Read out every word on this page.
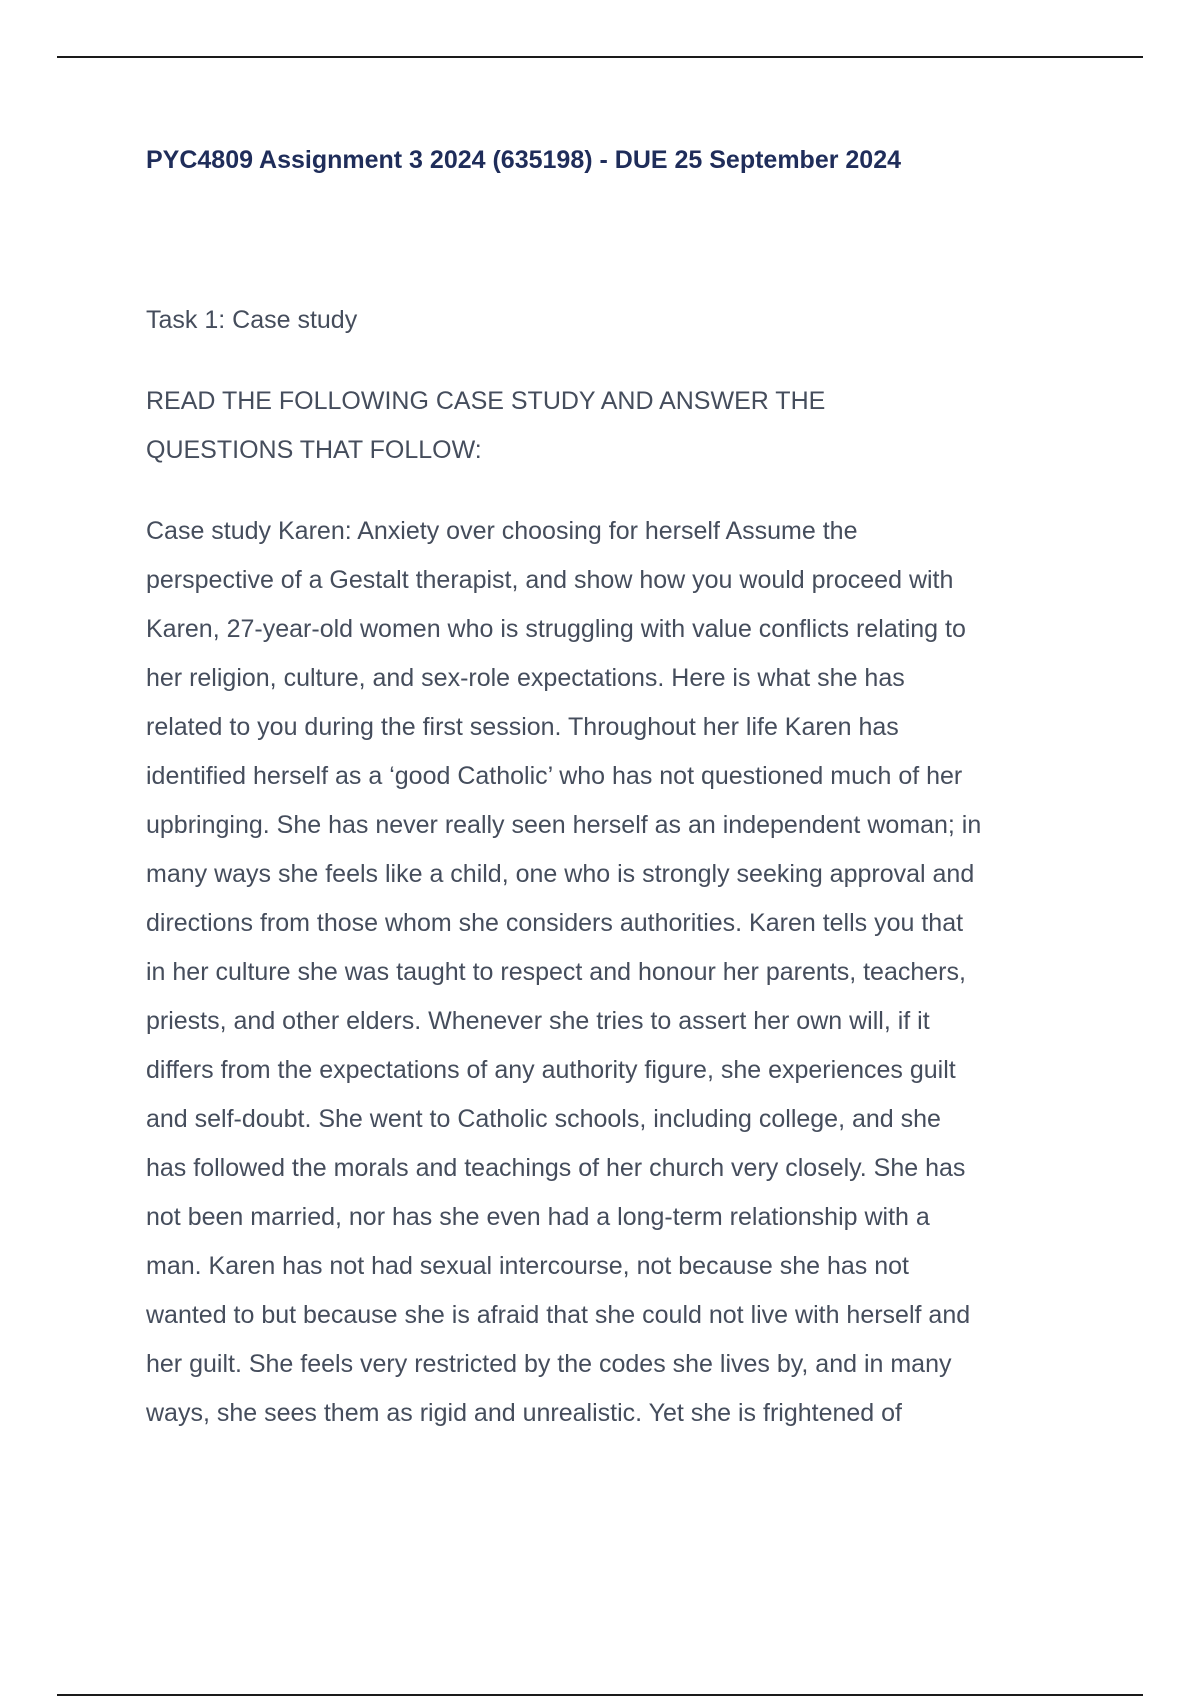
PYC4809 Assignment 3 2024 (635198) - DUE 25 September 2024

Task 1: Case study

READ THE FOLLOWING CASE STUDY AND ANSWER THE

QUESTIONS THAT FOLLOW:

Case study Karen: Anxiety over choosing for herself Assume the

perspective of a Gestalt therapist, and show how you would proceed with

Karen, 27-year-old women who is struggling with value conflicts relating to

her religion, culture, and sex-role expectations. Here is what she has

related to you during the first session. Throughout her life Karen has

identified herself as a ‘good Catholic’ who has not questioned much of her

upbringing. She has never really seen herself as an independent woman; in

many ways she feels like a child, one who is strongly seeking approval and

directions from those whom she considers authorities. Karen tells you that

in her culture she was taught to respect and honour her parents, teachers,

priests, and other elders. Whenever she tries to assert her own will, if it

differs from the expectations of any authority figure, she experiences guilt

and self-doubt. She went to Catholic schools, including college, and she

has followed the morals and teachings of her church very closely. She has

not been married, nor has she even had a long-term relationship with a

man. Karen has not had sexual intercourse, not because she has not

wanted to but because she is afraid that she could not live with herself and

her guilt. She feels very restricted by the codes she lives by, and in many

ways, she sees them as rigid and unrealistic. Yet she is frightened of
